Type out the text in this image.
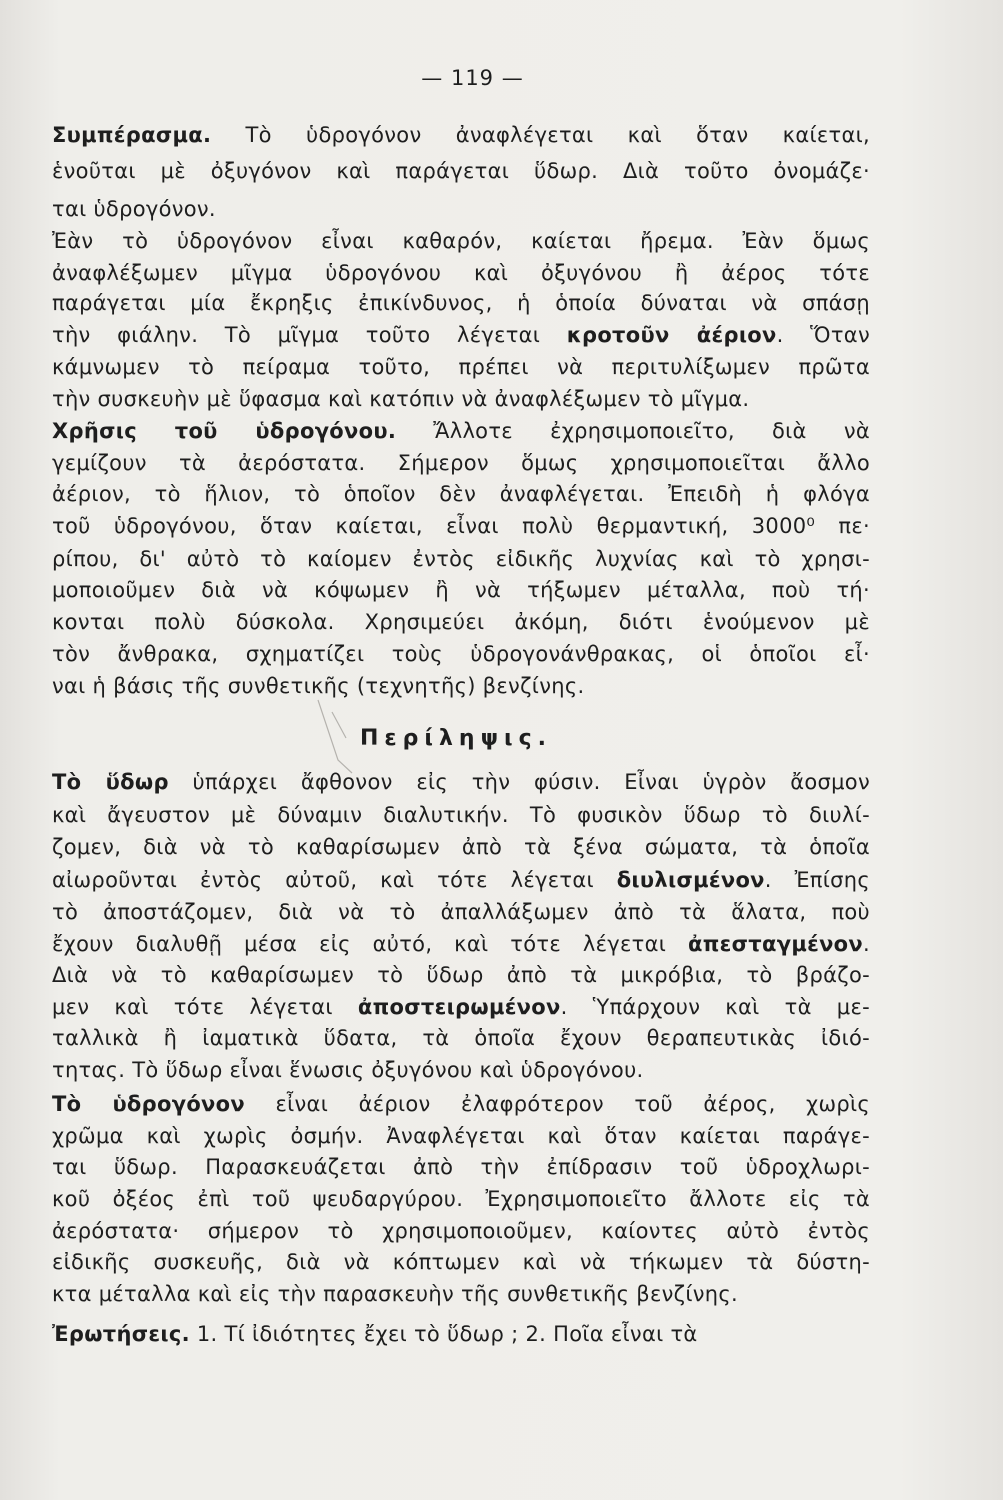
— 119 —
Συμπέρασμα. Τὸ ὑδρογόνον ἀναφλέγεται καὶ ὅταν καίεται,
ἑνοῦται μὲ ὀξυγόνον καὶ παράγεται ὕδωρ. Διὰ τοῦτο ὀνομάζε·
ται ὑδρογόνον.
Ἐὰν τὸ ὑδρογόνον εἶναι καθαρόν, καίεται ἤρεμα. Ἐὰν ὅμως
ἀναφλέξωμεν μῖγμα ὑδρογόνου καὶ ὀξυγόνου ἢ ἀέρος τότε
παράγεται μία ἔκρηξις ἐπικίνδυνος, ἡ ὁποία δύναται νὰ σπάσῃ
τὴν φιάλην. Τὸ μῖγμα τοῦτο λέγεται κροτοῦν ἀέριον. Ὅταν
κάμνωμεν τὸ πείραμα τοῦτο, πρέπει νὰ περιτυλίξωμεν πρῶτα
τὴν συσκευὴν μὲ ὕφασμα καὶ κατόπιν νὰ ἀναφλέξωμεν τὸ μῖγμα.
Χρῆσις τοῦ ὑδρογόνου. Ἄλλοτε ἐχρησιμοποιεῖτο, διὰ νὰ
γεμίζουν τὰ ἀερόστατα. Σήμερον ὅμως χρησιμοποιεῖται ἄλλο
ἀέριον, τὸ ἥλιον, τὸ ὁποῖον δὲν ἀναφλέγεται. Ἐπειδὴ ἡ φλόγα
τοῦ ὑδρογόνου, ὅταν καίεται, εἶναι πολὺ θερμαντική, 3000⁰ πε·
ρίπου, δι' αὐτὸ τὸ καίομεν ἐντὸς εἰδικῆς λυχνίας καὶ τὸ χρησι-
μοποιοῦμεν διὰ νὰ κόψωμεν ἢ νὰ τήξωμεν μέταλλα, ποὺ τή·
κονται πολὺ δύσκολα. Χρησιμεύει ἀκόμη, διότι ἑνούμενον μὲ
τὸν ἄνθρακα, σχηματίζει τοὺς ὑδρογονάνθρακας, οἱ ὁποῖοι εἶ·
ναι ἡ βάσις τῆς συνθετικῆς (τεχνητῆς) βενζίνης.
Τὸ ὕδωρ ὑπάρχει ἄφθονον εἰς τὴν φύσιν. Εἶναι ὑγρὸν ἄοσμον
καὶ ἄγευστον μὲ δύναμιν διαλυτικήν. Τὸ φυσικὸν ὕδωρ τὸ διυλί-
ζομεν, διὰ νὰ τὸ καθαρίσωμεν ἀπὸ τὰ ξένα σώματα, τὰ ὁποῖα
αἰωροῦνται ἐντὸς αὐτοῦ, καὶ τότε λέγεται διυλισμένον. Ἐπίσης
τὸ ἀποστάζομεν, διὰ νὰ τὸ ἀπαλλάξωμεν ἀπὸ τὰ ἅλατα, ποὺ
ἔχουν διαλυθῇ μέσα εἰς αὐτό, καὶ τότε λέγεται ἀπεσταγμένον.
Διὰ νὰ τὸ καθαρίσωμεν τὸ ὕδωρ ἀπὸ τὰ μικρόβια, τὸ βράζο-
μεν καὶ τότε λέγεται ἀποστειρωμένον. Ὑπάρχουν καὶ τὰ με-
ταλλικὰ ἢ ἰαματικὰ ὕδατα, τὰ ὁποῖα ἔχουν θεραπευτικὰς ἰδιό-
τητας. Τὸ ὕδωρ εἶναι ἕνωσις ὀξυγόνου καὶ ὑδρογόνου.
Τὸ ὑδρογόνον εἶναι ἀέριον ἐλαφρότερον τοῦ ἀέρος, χωρὶς
χρῶμα καὶ χωρὶς ὀσμήν. Ἀναφλέγεται καὶ ὅταν καίεται παράγε-
ται ὕδωρ. Παρασκευάζεται ἀπὸ τὴν ἐπίδρασιν τοῦ ὑδροχλωρι-
κοῦ ὀξέος ἐπὶ τοῦ ψευδαργύρου. Ἐχρησιμοποιεῖτο ἄλλοτε εἰς τὰ
ἀερόστατα· σήμερον τὸ χρησιμοποιοῦμεν, καίοντες αὐτὸ ἐντὸς
εἰδικῆς συσκευῆς, διὰ νὰ κόπτωμεν καὶ νὰ τήκωμεν τὰ δύστη-
κτα μέταλλα καὶ εἰς τὴν παρασκευὴν τῆς συνθετικῆς βενζίνης.
Ἐρωτήσεις. 1. Τί ἰδιότητες ἔχει τὸ ὕδωρ ; 2. Ποῖα εἶναι τὰ
Περίληψις.
